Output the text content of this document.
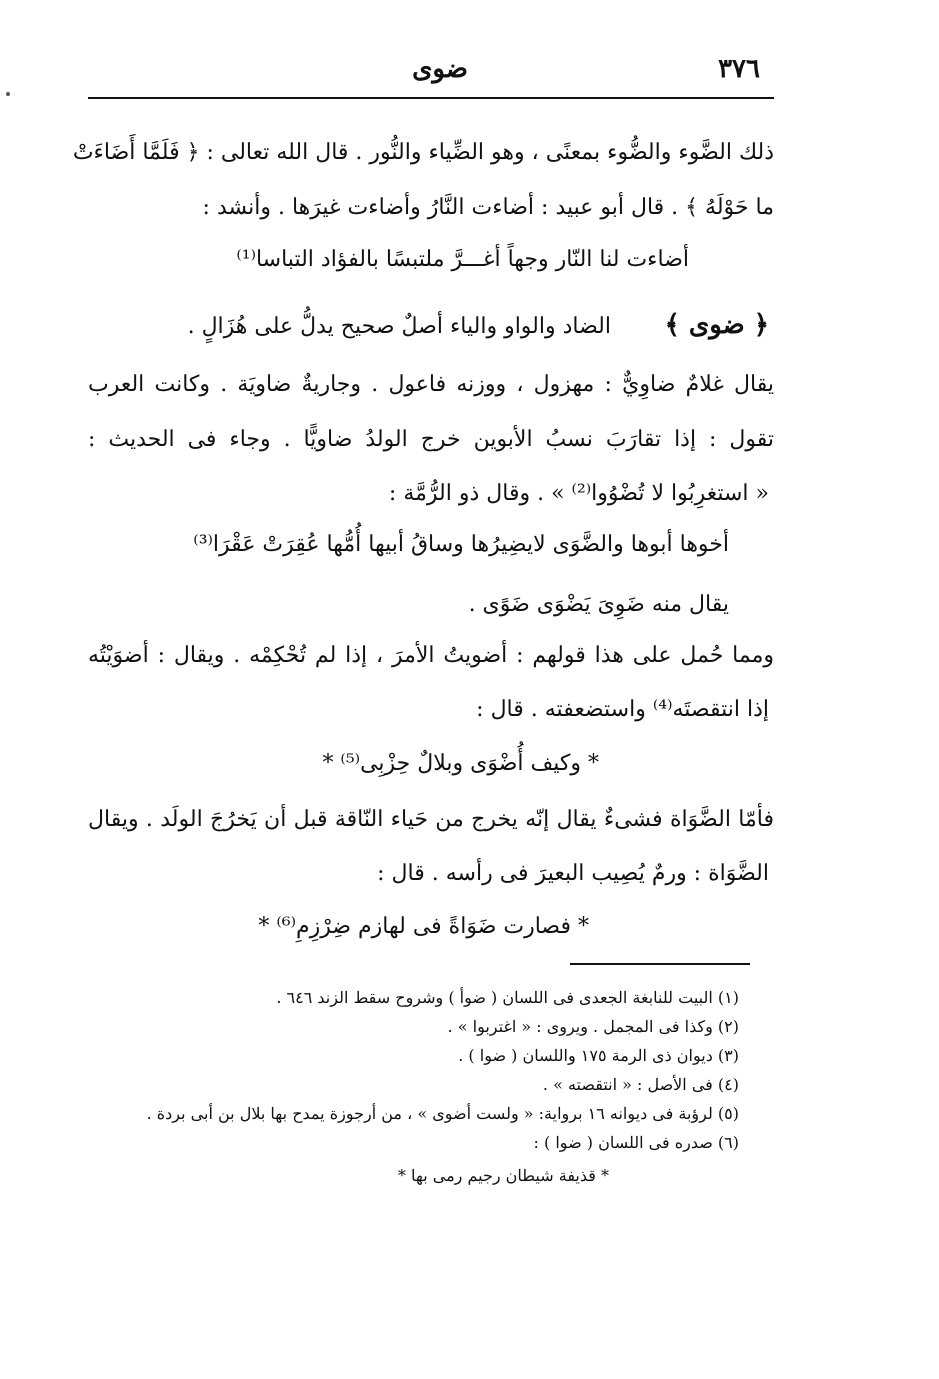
٣٧٦
ضوى
ذلك الضَّوء والضُّوء بمعنًى ، وهو الضِّياء والنُّور . قال الله تعالى : ﴿ فَلَمَّا أَضَاءَتْ
ما حَوْلَهُ ﴾ . قال أبو عبيد : أضاءت النَّارُ وأضاءت غيرَها . وأنشد :
أضاءت لنا النّار وجهاً أغـــرَّ ملتبسًا بالفؤاد التباسا⁽¹⁾
﴿ ضوى ﴾
الضاد والواو والياء أصلٌ صحيح يدلُّ على هُزَالٍ .
يقال غلامٌ ضاوِيٌّ : مهزول ، ووزنه فاعول . وجاريةٌ ضاويَة . وكانت العرب
تقول : إذا تقارَبَ نسبُ الأبوين خرج الولدُ ضاويًّا . وجاء فى الحديث :
« استغرِبُوا لا تُضْوُوا⁽²⁾ » . وقال ذو الرُّمَّة :
أخوها أبوها والضَّوَى لايضِيرُها وساقُ أبيها أُمُّها عُقِرَتْ عَقْرَا⁽³⁾
يقال منه ضَوِىَ يَضْوَى ضَوًى .
ومما حُمل على هذا قولهم : أضويتُ الأمرَ ، إذا لم تُحْكِمْه . ويقال : أضوَيْتُه
إذا انتقصتَه⁽⁴⁾ واستضعفته . قال :
* وكيف أُضْوَى وبلالٌ حِزْبِى⁽⁵⁾ *
فأمّا الضَّوَاة فشىءٌ يقال إنّه يخرج من حَياء النّاقة قبل أن يَخرُجَ الولَد . ويقال
الضَّوَاة : ورمٌ يُصِيب البعيرَ فى رأسه . قال :
* فصارت ضَوَاةً فى لهازم ضِرْزِمِ⁽⁶⁾ *
(١) البيت للنابغة الجعدى فى اللسان ( ضوأ ) وشروح سقط الزند ٦٤٦ .
(٢) وكذا فى المجمل . ويروى : « اغتربوا » .
(٣) ديوان ذى الرمة ١٧٥ واللسان ( ضوا ) .
(٤) فى الأصل : « انتقصته » .
(٥) لرؤبة فى ديوانه ١٦ برواية: « ولست أضوى » ، من أرجوزة يمدح بها بلال بن أبى بردة .
(٦) صدره فى اللسان ( ضوا ) :
* قذيفة شيطان رجيم رمى بها *
